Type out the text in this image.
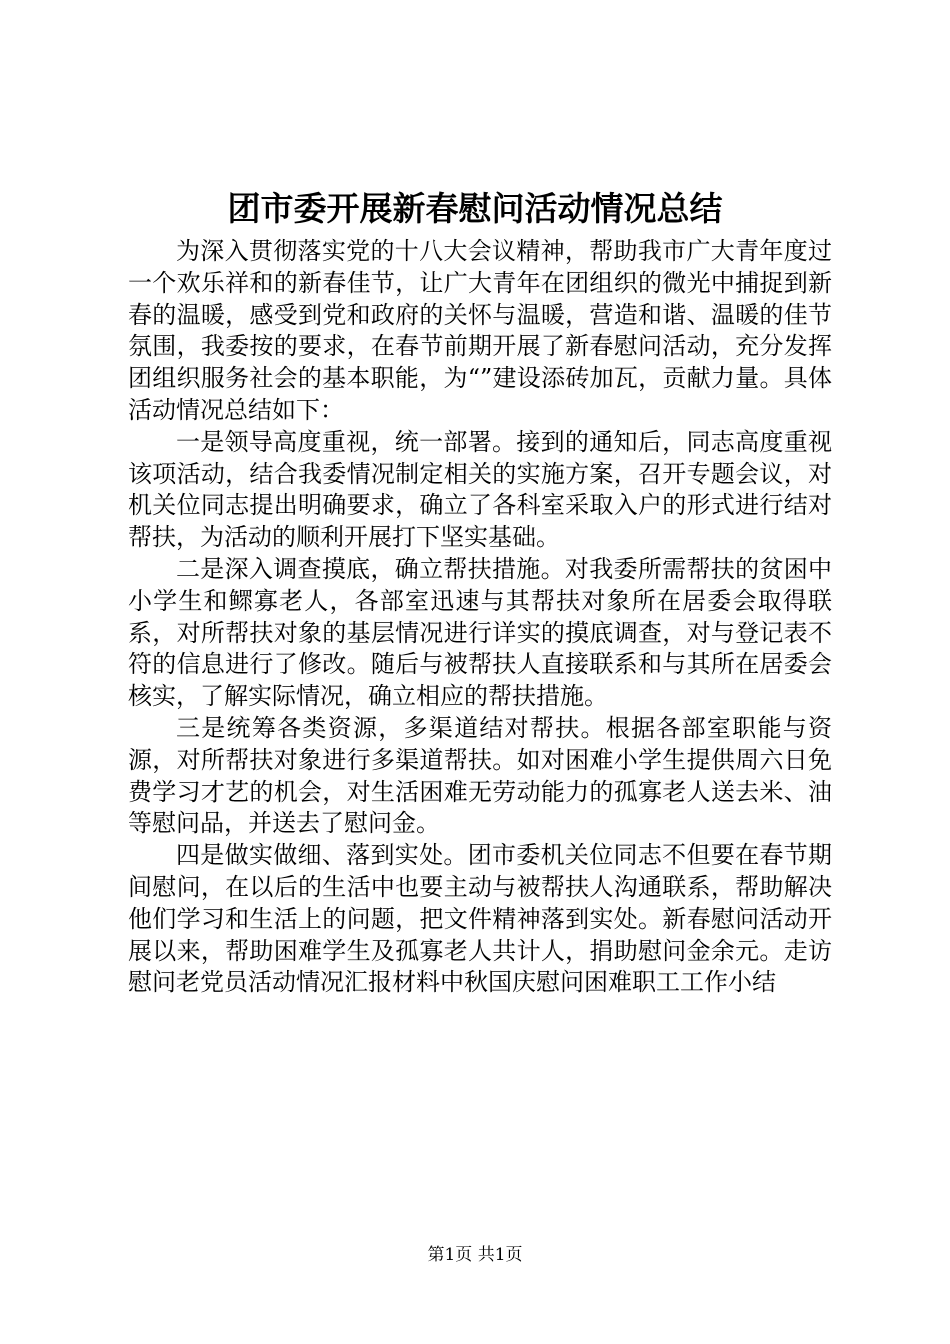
团市委开展新春慰问活动情况总结

为深入贯彻落实党的十八大会议精神，帮助我市广大青年度过一个欢乐祥和的新春佳节，让广大青年在团组织的微光中捕捉到新春的温暖，感受到党和政府的关怀与温暖，营造和谐、温暖的佳节氛围，我委按的要求，在春节前期开展了新春慰问活动，充分发挥团组织服务社会的基本职能，为“”建设添砖加瓦，贡献力量。具体活动情况总结如下：

一是领导高度重视，统一部署。接到的通知后，同志高度重视该项活动，结合我委情况制定相关的实施方案，召开专题会议，对机关位同志提出明确要求，确立了各科室采取入户的形式进行结对帮扶，为活动的顺利开展打下坚实基础。

二是深入调查摸底，确立帮扶措施。对我委所需帮扶的贫困中小学生和鳏寡老人，各部室迅速与其帮扶对象所在居委会取得联系，对所帮扶对象的基层情况进行详实的摸底调查，对与登记表不符的信息进行了修改。随后与被帮扶人直接联系和与其所在居委会核实，了解实际情况，确立相应的帮扶措施。

三是统筹各类资源，多渠道结对帮扶。根据各部室职能与资源，对所帮扶对象进行多渠道帮扶。如对困难小学生提供周六日免费学习才艺的机会，对生活困难无劳动能力的孤寡老人送去米、油等慰问品，并送去了慰问金。

四是做实做细、落到实处。团市委机关位同志不但要在春节期间慰问，在以后的生活中也要主动与被帮扶人沟通联系，帮助解决他们学习和生活上的问题，把文件精神落到实处。新春慰问活动开展以来，帮助困难学生及孤寡老人共计人，捐助慰问金余元。走访慰问老党员活动情况汇报材料中秋国庆慰问困难职工工作小结

第1页 共1页
